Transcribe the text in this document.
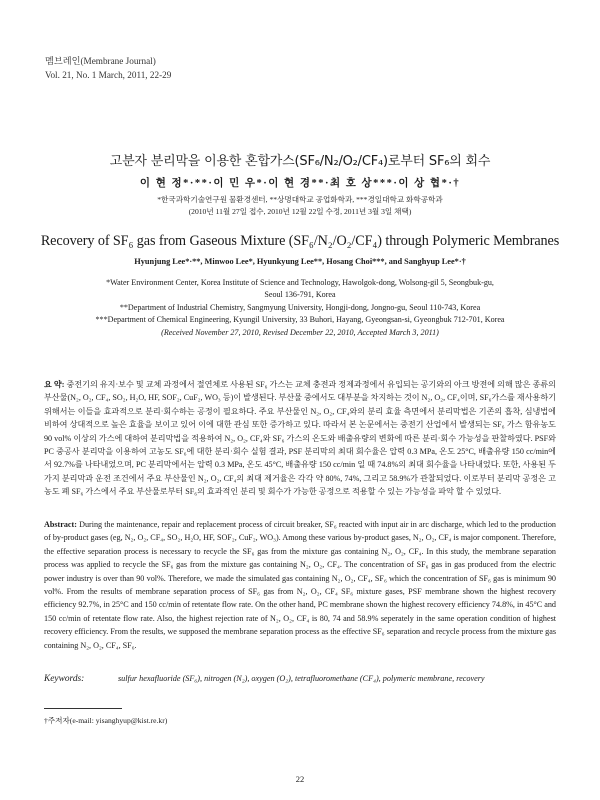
멤브레인(Membrane Journal)
Vol. 21, No. 1 March, 2011, 22-29
고분자 분리막을 이용한 혼합가스(SF₆/N₂/O₂/CF₄)로부터 SF₆의 회수
이 현 정*·**·이 민 우*·이 현 경**·최 호 상***·이 상 협*·†
*한국과학기술연구원 물환경센터, **상명대학교 공업화학과, ***경일대학교 화학공학과
(2010년 11월 27일 접수, 2010년 12월 22일 수정, 2011년 3월 3일 채택)
Recovery of SF₆ gas from Gaseous Mixture (SF₆/N₂/O₂/CF₄) through Polymeric Membranes
Hyunjung Lee*·**, Minwoo Lee*, Hyunkyung Lee**, Hosang Choi***, and Sanghyup Lee*·†
*Water Environment Center, Korea Institute of Science and Technology, Hawolgok-dong, Wolsong-gil 5, Seongbuk-gu,
Seoul 136-791, Korea
**Department of Industrial Chemistry, Sangmyung University, Hongji-dong, Jongno-gu, Seoul 110-743, Korea
***Department of Chemical Engineering, Kyungil University, 33 Buhori, Hayang, Gyeongsan-si, Gyeongbuk 712-701, Korea
(Received November 27, 2010, Revised December 22, 2010, Accepted March 3, 2011)
요 약: 중전기의 유지·보수 및 교체 과정에서 절연체로 사용된 SF₆ 가스는 교체 충전과 정제과정에서 유입되는 공기와의 아크 방전에 의해 많은 종류의 부산물(N₂, O₂, CF₄, SO₂, H₂O, HF, SOF₂, CuF₂, WO₃ 등)이 발생된다. 부산물 중에서도 대부분을 차지하는 것이 N₂, O₂, CF₄이며, SF₆가스를 재사용하기 위해서는 이들을 효과적으로 분리·회수하는 공정이 필요하다. 주요 부산물인 N₂, O₂, CF₄와의 분리 효율 측면에서 분리막법은 기존의 흡착, 심냉법에 비하여 상대적으로 높은 효율을 보이고 있어 이에 대한 관심 또한 증가하고 있다. 따라서 본 논문에서는 중전기 산업에서 발생되는 SF₆ 가스 함유농도 90 vol% 이상의 가스에 대하여 분리막법을 적용하여 N₂, O₂, CF₄와 SF₆ 가스의 온도와 배출유량의 변화에 따른 분리·회수 가능성을 판찰하였다. PSF와 PC 중공사 분리막을 이용하여 고농도 SF₆에 대한 분리·회수 실험 결과, PSF 분리막의 최대 회수율은 압력 0.3 MPa, 온도 25°C, 배출유량 150 cc/min에서 92.7%를 나타내었으며, PC 분리막에서는 압력 0.3 MPa, 온도 45°C, 배출유량 150 cc/min 일 때 74.8%의 최대 회수율을 나타내었다. 또한, 사용된 두 가지 분리막과 운전 조건에서 주요 부산물인 N₂, O₂, CF₄의 최대 제거율은 각각 약 80%, 74%, 그리고 58.9%가 관찰되었다. 이로부터 분리막 공정은 고농도 폐 SF₆ 가스에서 주요 부산물로부터 SF₆의 효과적인 분리 및 회수가 가능한 공정으로 적용할 수 있는 가능성을 파악 할 수 있었다.
Abstract: During the maintenance, repair and replacement process of circuit breaker, SF₆ reacted with input air in arc discharge, which led to the production of by-product gases (eg, N₂, O₂, CF₄, SO₂, H₂O, HF, SOF₂, CuF₂, WO₃). Among these various by-product gases, N₂, O₂, CF₄ is major component. Therefore, the effective separation process is necessary to recycle the SF₆ gas from the mixture gas containing N₂, O₂, CF₄. In this study, the membrane separation process was applied to recycle the SF₆ gas from the mixture gas containing N₂, O₂, CF₄. The concentration of SF₆ gas in gas produced from the electric power industry is over than 90 vol%. Therefore, we made the simulated gas containing N₂, O₂, CF₄, SF₆ which the concentration of SF₆ gas is minimum 90 vol%. From the results of membrane separation process of SF₆ gas from N₂, O₂, CF₄ SF₆ mixture gases, PSF membrane shown the highest recovery efficiency 92.7%, in 25°C and 150 cc/min of retentate flow rate. On the other hand, PC membrane shown the highest recovery efficiency 74.8%, in 45°C and 150 cc/min of retentate flow rate. Also, the highest rejection rate of N₂, O₂, CF₄ is 80, 74 and 58.9% seperately in the same operation condition of highest recovery efficiency. From the results, we supposed the membrane separation process as the effective SF₆ separation and recycle process from the mixture gas containing N₂, O₂, CF₄, SF₆.
Keywords:	sulfur hexafluoride (SF₆), nitrogen (N₂), oxygen (O₂), tetrafluoromethane (CF₄), polymeric membrane, recovery
†주저자(e-mail: yisanghyup@kist.re.kr)
22
